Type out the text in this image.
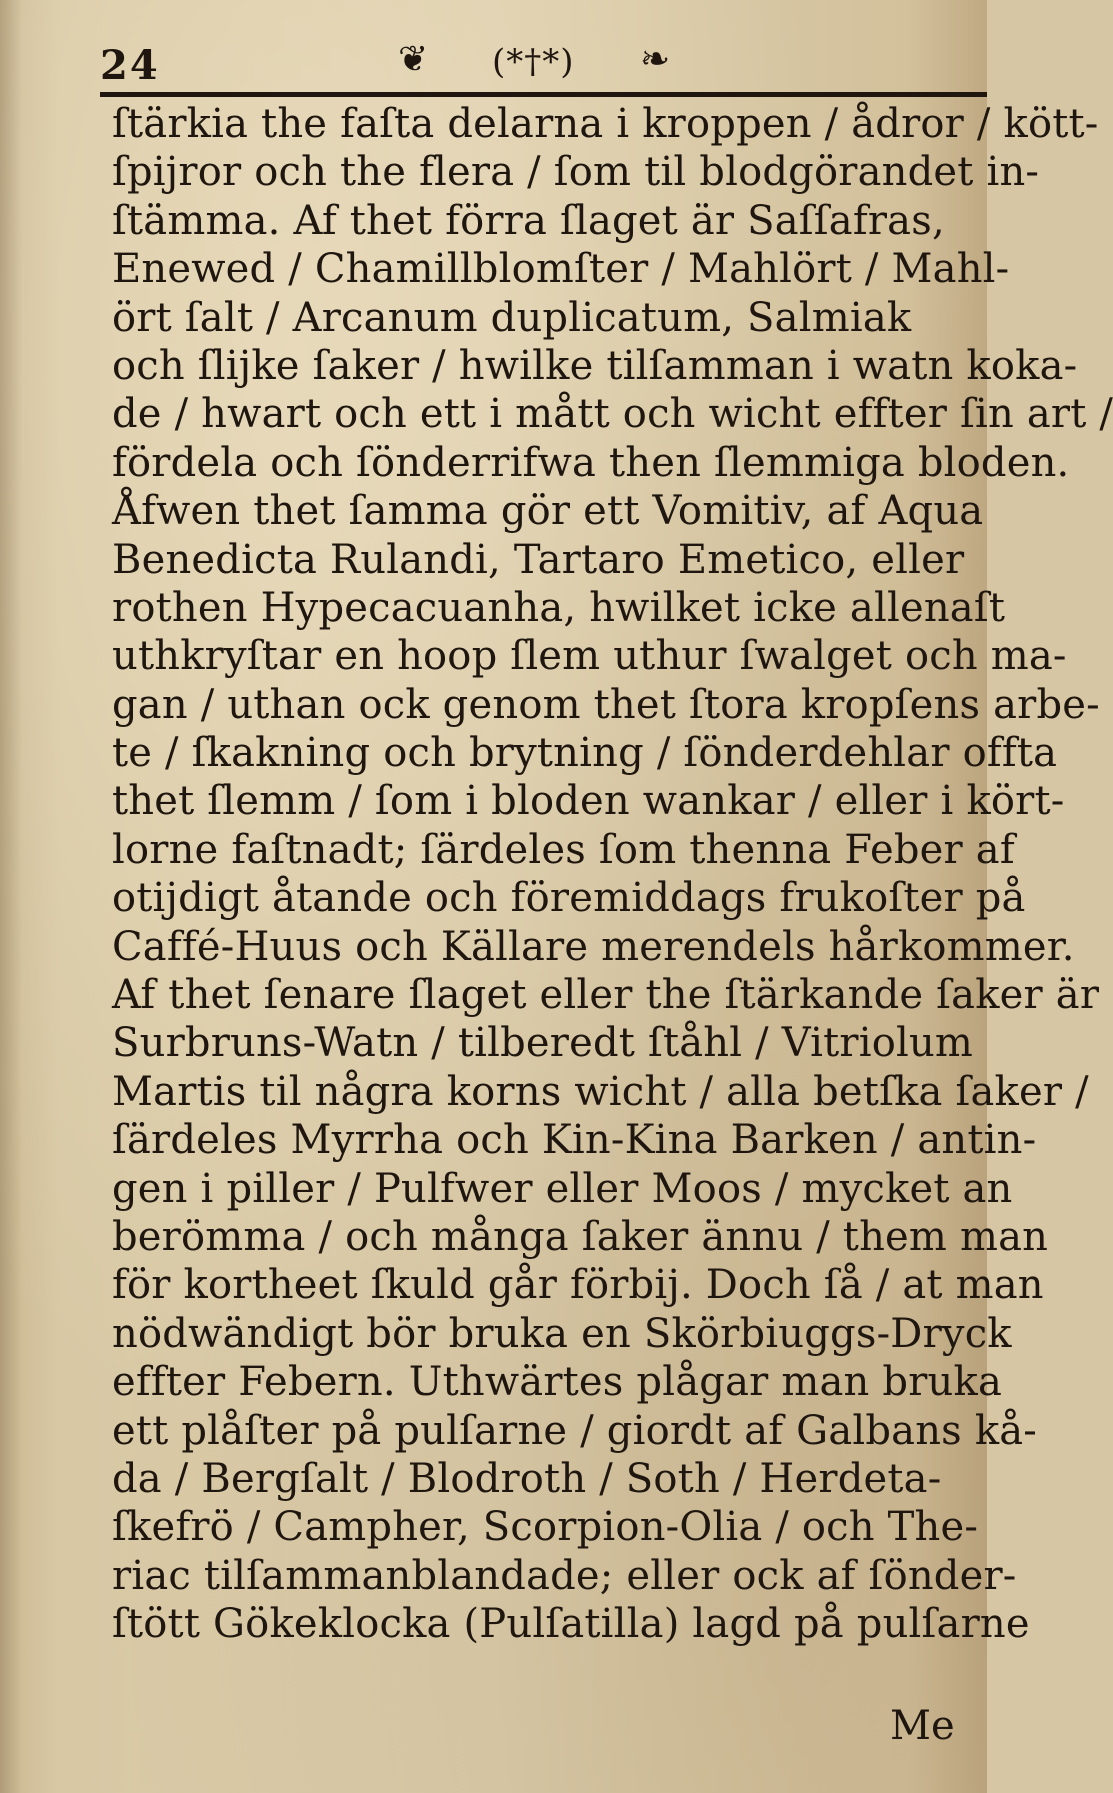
24	❦ (*†*) ❧
ſtärkia the faſta delarna i kroppen / ådror / kött-
ſpijror och the flera / ſom til blodgörandet in-
ſtämma. Af thet förra ſlaget är Saſſafras,
Enewed / Chamillblomſter / Mahlört / Mahl-
ört ſalt / Arcanum duplicatum, Salmiak
och ſlijke ſaker / hwilke tilſamman i watn koka-
de / hwart och ett i mått och wicht effter ſin art /
fördela och ſönderrifwa then ſlemmiga bloden.
Åfwen thet ſamma gör ett Vomitiv, af Aqua
Benedicta Rulandi, Tartaro Emetico, eller
rothen Hypecacuanha, hwilket icke allenaſt
uthkryſtar en hoop ſlem uthur ſwalget och ma-
gan / uthan ock genom thet ſtora kropſens arbe-
te / ſkakning och brytning / ſönderdehlar offta
thet ſlemm / ſom i bloden wankar / eller i kört-
lorne faſtnadt; ſärdeles ſom thenna Feber af
otijdigt åtande och föremiddags frukoſter på
Caffé-Huus och Källare merendels hårkommer.
Af thet ſenare ſlaget eller the ſtärkande ſaker är
Surbruns-Watn / tilberedt ſtåhl / Vitriolum
Martis til några korns wicht / alla betſka ſaker /
ſärdeles Myrrha och Kin-Kina Barken / antin-
gen i piller / Pulfwer eller Moos / mycket an
berömma / och många ſaker ännu / them man
för kortheet ſkuld går förbij. Doch ſå / at man
nödwändigt bör bruka en Skörbiuggs-Dryck
effter Febern. Uthwärtes plågar man bruka
ett plåſter på pulſarne / giordt af Galbans kå-
da / Bergſalt / Blodroth / Soth / Herdeta-
ſkefrö / Campher, Scorpion-Olia / och The-
riac tilſammanblandade; eller ock af ſönder-
ſtött Gökeklocka (Pulſatilla) lagd på pulſarne
Me
